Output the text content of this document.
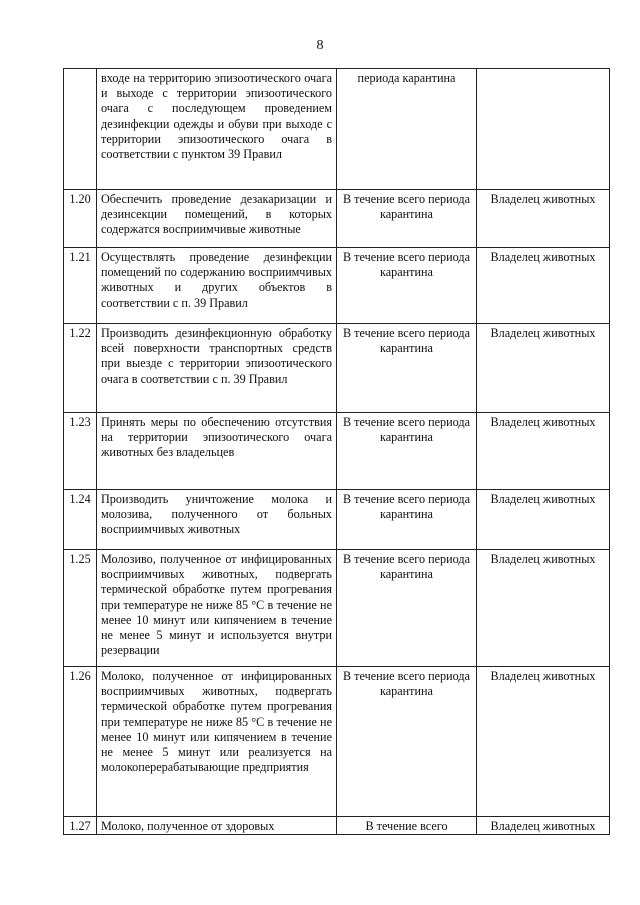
8
	входе на территорию эпизоотического очага и выходе с территории эпизоотического очага с последующем проведением дезинфекции одежды и обуви при выходе с территории эпизоотического очага в соответствии с пунктом 39 Правил	периода карантина	
1.20	Обеспечить проведение дезакаризации и дезинсекции помещений, в которых содержатся восприимчивые животные	В течение всего периода карантина	Владелец животных
1.21	Осуществлять проведение дезинфекции помещений по содержанию восприимчивых животных и других объектов в соответствии с п. 39 Правил	В течение всего периода карантина	Владелец животных
1.22	Производить дезинфекционную обработку всей поверхности транспортных средств при выезде с территории эпизоотического очага в соответствии с п. 39 Правил	В течение всего периода карантина	Владелец животных
1.23	Принять меры по обеспечению отсутствия на территории эпизоотического очага животных без владельцев	В течение всего периода карантина	Владелец животных
1.24	Производить уничтожение молока и молозива, полученного от больных восприимчивых животных	В течение всего периода карантина	Владелец животных
1.25	Молозиво, полученное от инфицированных восприимчивых животных, подвергать термической обработке путем прогревания при температуре не ниже 85 °С в течение не менее 10 минут или кипячением в течение не менее 5 минут и используется внутри резервации	В течение всего периода карантина	Владелец животных
1.26	Молоко, полученное от инфицированных восприимчивых животных, подвергать термической обработке путем прогревания при температуре не ниже 85 °С в течение не менее 10 минут или кипячением в течение не менее 5 минут или реализуется на молокоперерабатывающие предприятия	В течение всего периода карантина	Владелец животных
1.27	Молоко, полученное от здоровых	В течение всего	Владелец животных
